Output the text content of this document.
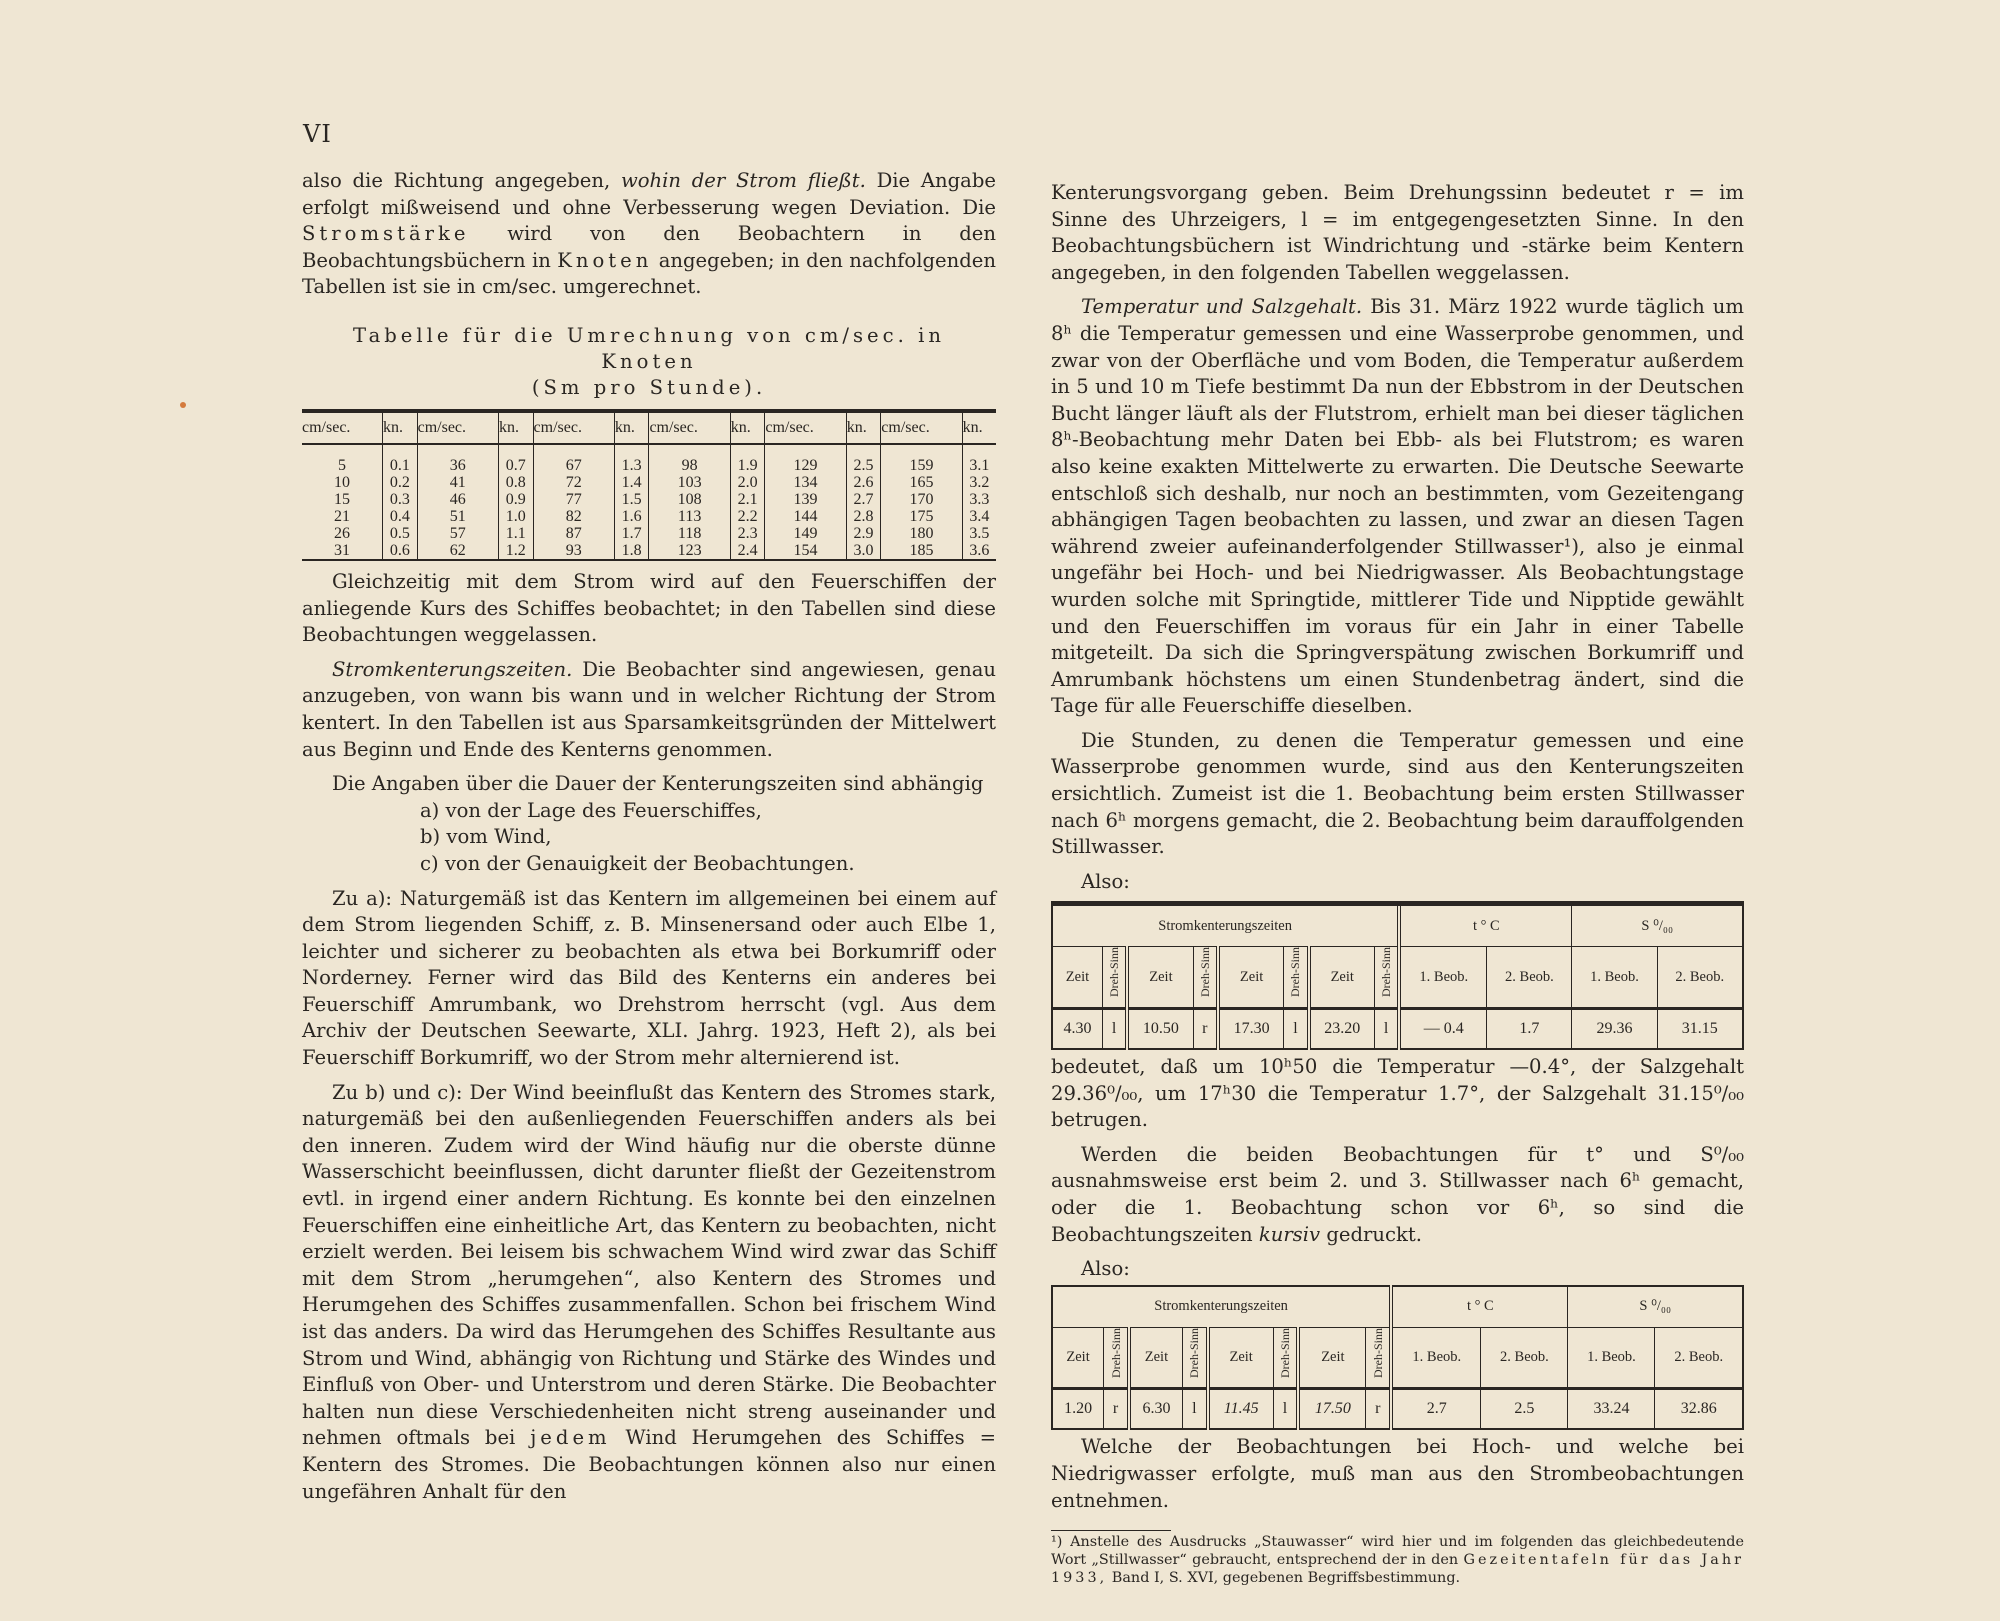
VI

also die Richtung angegeben, wohin der Strom fließt. Die Angabe erfolgt mißweisend und ohne Verbesserung wegen Deviation. Die Stromstärke wird von den Beobachtern in den Beobachtungsbüchern in Knoten angegeben; in den nachfolgenden Tabellen ist sie in cm/sec. umgerechnet.

Tabelle für die Umrechnung von cm/sec. in Knoten
(Sm pro Stunde).

cm/sec.	kn.	cm/sec.	kn.	cm/sec.	kn.	cm/sec.	kn.	cm/sec.	kn.	cm/sec.	kn.
5	0.1	36	0.7	67	1.3	98	1.9	129	2.5	159	3.1
10	0.2	41	0.8	72	1.4	103	2.0	134	2.6	165	3.2
15	0.3	46	0.9	77	1.5	108	2.1	139	2.7	170	3.3
21	0.4	51	1.0	82	1.6	113	2.2	144	2.8	175	3.4
26	0.5	57	1.1	87	1.7	118	2.3	149	2.9	180	3.5
31	0.6	62	1.2	93	1.8	123	2.4	154	3.0	185	3.6

Gleichzeitig mit dem Strom wird auf den Feuerschiffen der anliegende Kurs des Schiffes beobachtet; in den Tabellen sind diese Beobachtungen weggelassen.

Stromkenterungszeiten. Die Beobachter sind angewiesen, genau anzugeben, von wann bis wann und in welcher Richtung der Strom kentert. In den Tabellen ist aus Sparsamkeitsgründen der Mittelwert aus Beginn und Ende des Kenterns genommen.

Die Angaben über die Dauer der Kenterungszeiten sind abhängig

a) von der Lage des Feuerschiffes,
b) vom Wind,
c) von der Genauigkeit der Beobachtungen.

Zu a): Naturgemäß ist das Kentern im allgemeinen bei einem auf dem Strom liegenden Schiff, z. B. Minsenersand oder auch Elbe 1, leichter und sicherer zu beobachten als etwa bei Borkumriff oder Norderney. Ferner wird das Bild des Kenterns ein anderes bei Feuerschiff Amrumbank, wo Drehstrom herrscht (vgl. Aus dem Archiv der Deutschen Seewarte, XLI. Jahrg. 1923, Heft 2), als bei Feuerschiff Borkumriff, wo der Strom mehr alternierend ist.

Zu b) und c): Der Wind beeinflußt das Kentern des Stromes stark, naturgemäß bei den außenliegenden Feuerschiffen anders als bei den inneren. Zudem wird der Wind häufig nur die oberste dünne Wasserschicht beeinflussen, dicht darunter fließt der Gezeitenstrom evtl. in irgend einer andern Richtung. Es konnte bei den einzelnen Feuerschiffen eine einheitliche Art, das Kentern zu beobachten, nicht erzielt werden. Bei leisem bis schwachem Wind wird zwar das Schiff mit dem Strom „herumgehen“, also Kentern des Stromes und Herumgehen des Schiffes zusammenfallen. Schon bei frischem Wind ist das anders. Da wird das Herumgehen des Schiffes Resultante aus Strom und Wind, abhängig von Richtung und Stärke des Windes und Einfluß von Ober- und Unterstrom und deren Stärke. Die Beobachter halten nun diese Verschiedenheiten nicht streng auseinander und nehmen oftmals bei jedem Wind Herumgehen des Schiffes = Kentern des Stromes. Die Beobachtungen können also nur einen ungefähren Anhalt für den

Kenterungsvorgang geben. Beim Drehungssinn bedeutet r = im Sinne des Uhrzeigers, l = im entgegengesetzten Sinne. In den Beobachtungsbüchern ist Windrichtung und -stärke beim Kentern angegeben, in den folgenden Tabellen weggelassen.

Temperatur und Salzgehalt. Bis 31. März 1922 wurde täglich um 8ʰ die Temperatur gemessen und eine Wasserprobe genommen, und zwar von der Oberfläche und vom Boden, die Temperatur außerdem in 5 und 10 m Tiefe bestimmt Da nun der Ebbstrom in der Deutschen Bucht länger läuft als der Flutstrom, erhielt man bei dieser täglichen 8ʰ-Beobachtung mehr Daten bei Ebb- als bei Flutstrom; es waren also keine exakten Mittelwerte zu erwarten. Die Deutsche Seewarte entschloß sich deshalb, nur noch an bestimmten, vom Gezeitengang abhängigen Tagen beobachten zu lassen, und zwar an diesen Tagen während zweier aufeinanderfolgender Stillwasser¹), also je einmal ungefähr bei Hoch- und bei Niedrigwasser. Als Beobachtungstage wurden solche mit Springtide, mittlerer Tide und Nipptide gewählt und den Feuerschiffen im voraus für ein Jahr in einer Tabelle mitgeteilt. Da sich die Springverspätung zwischen Borkumriff und Amrumbank höchstens um einen Stundenbetrag ändert, sind die Tage für alle Feuerschiffe dieselben.

Die Stunden, zu denen die Temperatur gemessen und eine Wasserprobe genommen wurde, sind aus den Kenterungszeiten ersichtlich. Zumeist ist die 1. Beobachtung beim ersten Stillwasser nach 6ʰ morgens gemacht, die 2. Beobachtung beim darauffolgenden Stillwasser.

Also:

Stromkenterungszeiten								t ° C		S ⁰/₀₀	
Zeit	Dreh-Sinn	Zeit	Dreh-Sinn	Zeit	Dreh-Sinn	Zeit	Dreh-Sinn	1. Beob.	2. Beob.	1. Beob.	2. Beob.
4.30	l	10.50	r	17.30	l	23.20	l	— 0.4	1.7	29.36	31.15

bedeutet, daß um 10ʰ50 die Temperatur —0.4°, der Salzgehalt 29.36⁰/₀₀, um 17ʰ30 die Temperatur 1.7°, der Salzgehalt 31.15⁰/₀₀ betrugen.

Werden die beiden Beobachtungen für t° und S⁰/₀₀ ausnahmsweise erst beim 2. und 3. Stillwasser nach 6ʰ gemacht, oder die 1. Beobachtung schon vor 6ʰ, so sind die Beobachtungszeiten kursiv gedruckt.

Also:

Stromkenterungszeiten								t ° C		S ⁰/₀₀	
Zeit	Dreh-Sinn	Zeit	Dreh-Sinn	Zeit	Dreh-Sinn	Zeit	Dreh-Sinn	1. Beob.	2. Beob.	1. Beob.	2. Beob.
1.20	r	6.30	l	11.45	l	17.50	r	2.7	2.5	33.24	32.86

Welche der Beobachtungen bei Hoch- und welche bei Niedrigwasser erfolgte, muß man aus den Strombeobachtungen entnehmen.

¹) Anstelle des Ausdrucks „Stauwasser“ wird hier und im folgenden das gleichbedeutende Wort „Stillwasser“ gebraucht, entsprechend der in den Gezeitentafeln für das Jahr 1933, Band I, S. XVI, gegebenen Begriffsbestimmung.
